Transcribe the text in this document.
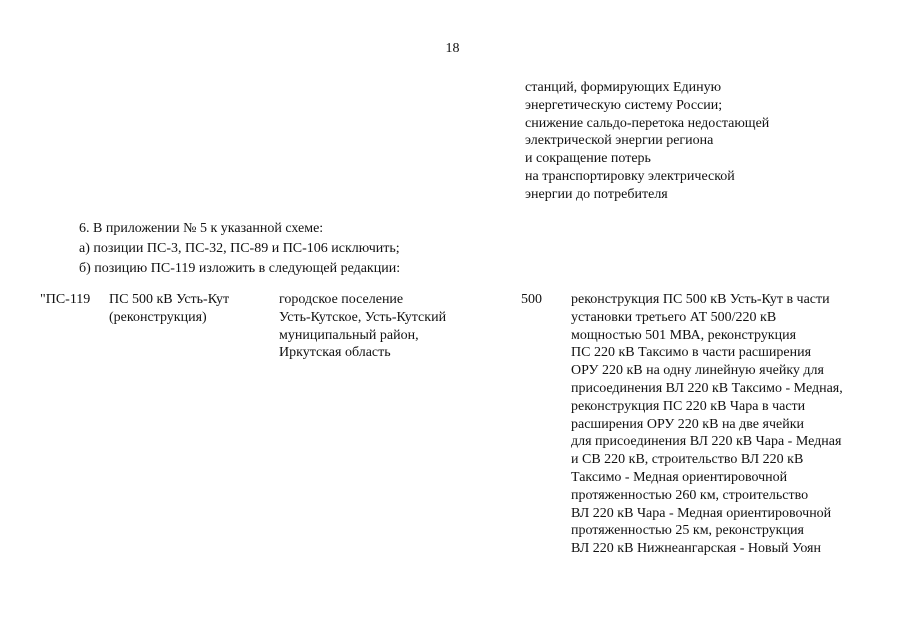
18
станций, формирующих Единую
энергетическую систему России;
снижение сальдо-перетока недостающей
электрической энергии региона
и сокращение потерь
на транспортировку электрической
энергии до потребителя
6. В приложении № 5 к указанной схеме:
а) позиции ПС-3, ПС-32, ПС-89 и ПС-106 исключить;
б) позицию ПС-119 изложить в следующей редакции:
"ПС-119 ПС 500 кВ Усть-Кут
(реконструкция)
городское поселение
Усть-Кутское, Усть-Кутский
муниципальный район,
Иркутская область
500 реконструкция ПС 500 кВ Усть-Кут в части
установки третьего АТ 500/220 кВ
мощностью 501 МВА, реконструкция
ПС 220 кВ Таксимо в части расширения
ОРУ 220 кВ на одну линейную ячейку для
присоединения ВЛ 220 кВ Таксимо - Медная,
реконструкция ПС 220 кВ Чара в части
расширения ОРУ 220 кВ на две ячейки
для присоединения ВЛ 220 кВ Чара - Медная
и СВ 220 кВ, строительство ВЛ 220 кВ
Таксимо - Медная ориентировочной
протяженностью 260 км, строительство
ВЛ 220 кВ Чара - Медная ориентировочной
протяженностью 25 км, реконструкция
ВЛ 220 кВ Нижнеангарская - Новый Уоян
